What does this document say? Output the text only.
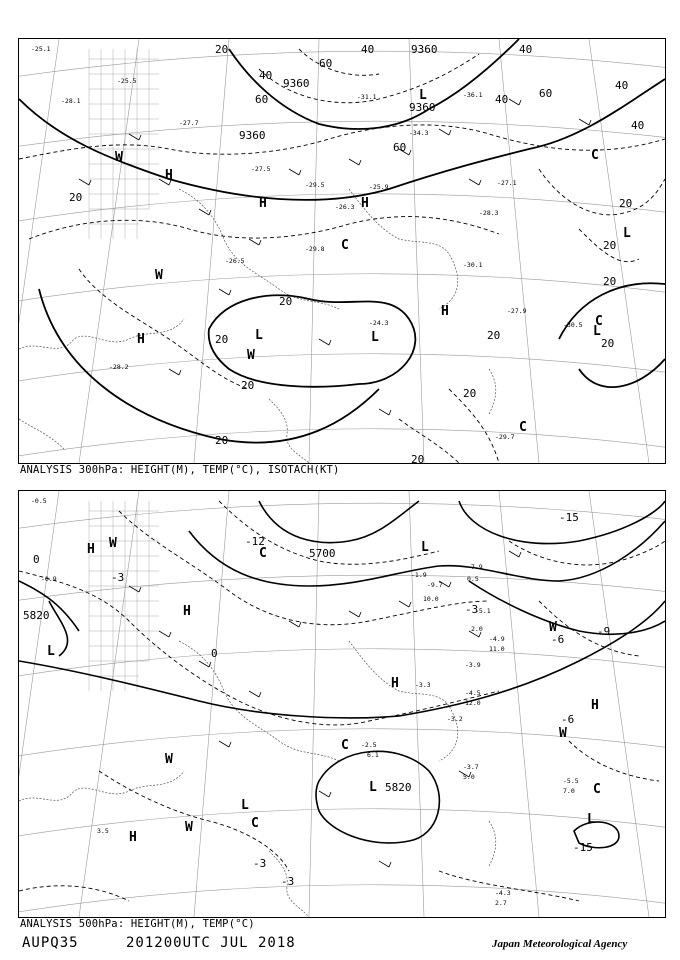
9360
9360
9360
9360
20
20
20
20
20
20
20
20
20
20
20
20
20
40
40
40
40
40
40
60
60
60
60
H
H	H
H
H
L	L
L
L
L
C
C
C
C
W
W
W
-25.1
-28.1
-25.5
-27.7
-31.1	-36.1
-34.3
-27.5
-29.5	-25.9
-26.3
-29.8
-30.1
-27.9
-30.5
-24.3
-29.7
-28.3
-27.1
-26.5
-28.2
ANALYSIS 300hPa: HEIGHT(M), TEMP(°C), ISOTACH(KT)
5700
5820
5820
0
-3
-3
-3
-6
-6
-9
-12
-15
-15
0
-3
H
H
H
H
H
L
L
L
L
L
C
C
C
C
W
W
W
W
W
-0.5
-9.7
-7.9
-5.1
-4.9
-3.9
-4.5
-3.2
-3.3
-3.7
-5.5
-4.3
10.0
0.5
2.0
11.0
12.0
5.0
7.0
2.7
3.5
-0.9
6.1
-2.5
-1.9
ANALYSIS 500hPa: HEIGHT(M), TEMP(°C)
AUPQ35	201200UTC JUL 2018	Japan Meteorological Agency
